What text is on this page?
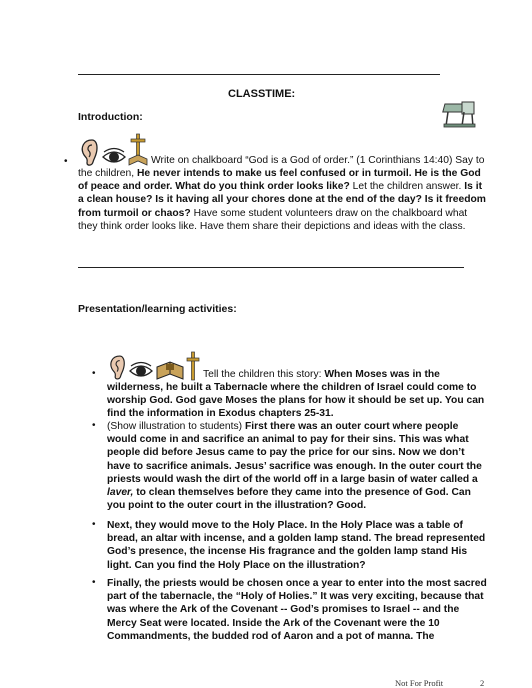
CLASSTIME:
Introduction:
•	Write on chalkboard “God is a God of order.” (1 Corinthians 14:40) Say to the children, He never intends to make us feel confused or in turmoil. He is the God of peace and order. What do you think order looks like? Let the children answer. Is it a clean house? Is it having all your chores done at the end of the day? Is it freedom from turmoil or chaos? Have some student volunteers draw on the chalkboard what they think order looks like. Have them share their depictions and ideas with the class.
Presentation/learning activities:
•	Tell the children this story: When Moses was in the wilderness, he built a Tabernacle where the children of Israel could come to worship God. God gave Moses the plans for how it should be set up. You can find the information in Exodus chapters 25-31.
• (Show illustration to students) First there was an outer court where people would come in and sacrifice an animal to pay for their sins. This was what people did before Jesus came to pay the price for our sins. Now we don’t have to sacrifice animals. Jesus’ sacrifice was enough. In the outer court the priests would wash the dirt of the world off in a large basin of water called a laver, to clean themselves before they came into the presence of God. Can you point to the outer court in the illustration? Good.
• Next, they would move to the Holy Place. In the Holy Place was a table of bread, an altar with incense, and a golden lamp stand. The bread represented God’s presence, the incense His fragrance and the golden lamp stand His light. Can you find the Holy Place on the illustration?
• Finally, the priests would be chosen once a year to enter into the most sacred part of the tabernacle, the “Holy of Holies.” It was very exciting, because that was where the Ark of the Covenant -- God’s promises to Israel -- and the Mercy Seat were located. Inside the Ark of the Covenant were the 10 Commandments, the budded rod of Aaron and a pot of manna. The
Not For Profit	2
